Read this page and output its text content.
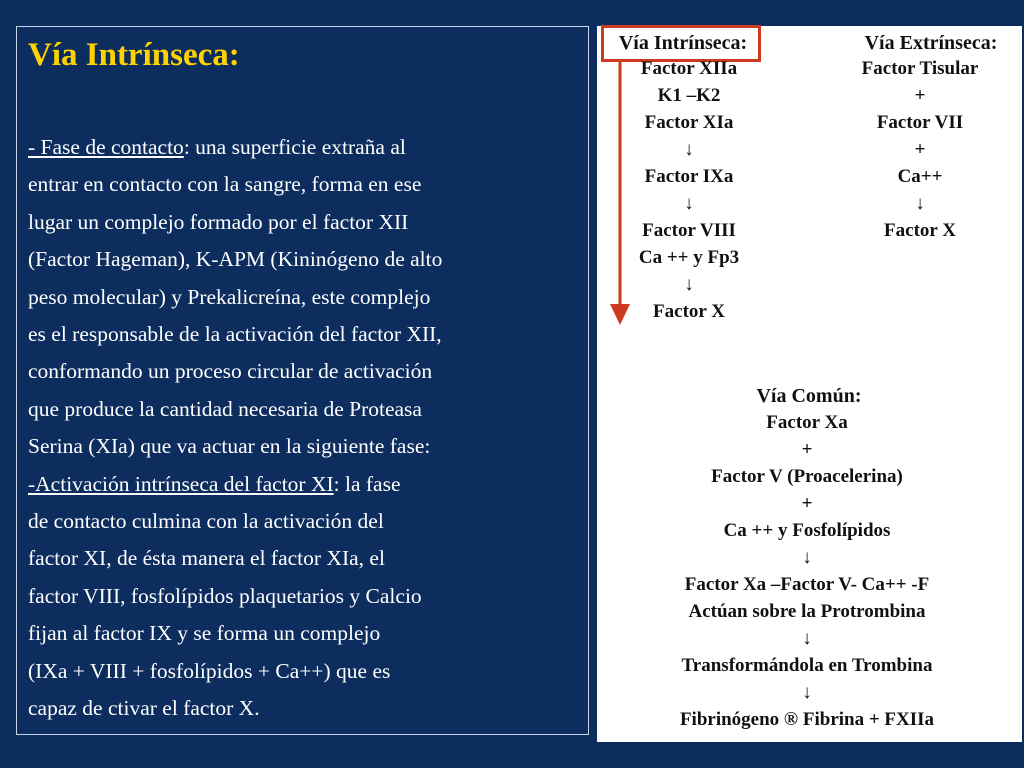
Vía Intrínseca:
- Fase de contacto: una superficie extraña al
entrar en contacto con la sangre, forma en ese
lugar un complejo formado por el factor XII
(Factor Hageman), K-APM (Kininógeno de alto
peso molecular) y Prekalicreína, este complejo
es el responsable de la activación del factor XII,
conformando un proceso circular de activación
que produce la cantidad necesaria de Proteasa
Serina (XIa) que va actuar en la siguiente fase:
-Activación intrínseca del factor XI: la fase
de contacto culmina con la activación del
factor XI, de ésta manera el factor XIa, el
factor VIII, fosfolípidos plaquetarios y Calcio
fijan al factor IX y se forma un complejo
(IXa + VIII + fosfolípidos + Ca++) que es
capaz de ctivar el factor X.
Vía Intrínseca:
Factor XIIa
K1 –K2
Factor XIa
↓
Factor IXa
↓
Factor VIII
Ca ++ y Fp3
↓
Factor X
Vía Extrínseca:
Factor Tisular
+
Factor VII
+
Ca++
↓
Factor X
Vía Común:
Factor Xa
+
Factor V (Proacelerina)
+
Ca ++ y Fosfolípidos
↓
Factor Xa –Factor V- Ca++ -F
Actúan sobre la Protrombina
↓
Transformándola en Trombina
↓
Fibrinógeno ® Fibrina + FXIIa
